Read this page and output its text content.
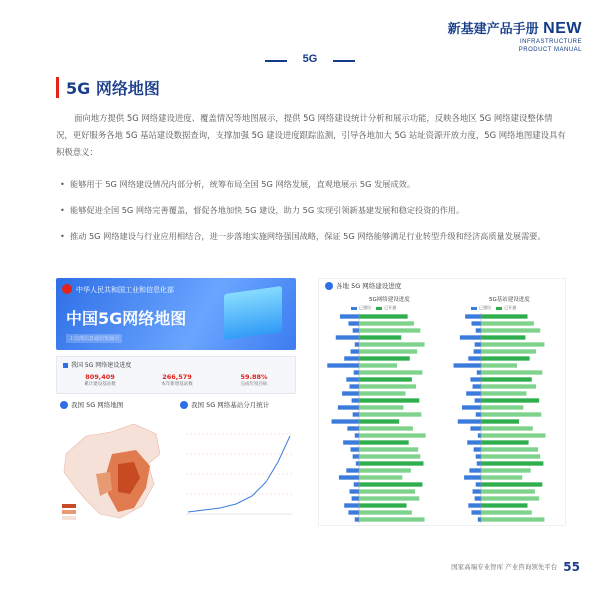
新基建产品手册 NEW
INFRASTRUCTURE
PRODUCT MANUAL
5G
5G 网络地图

面向地方提供 5G 网络建设进度、覆盖情况等地图展示，提供 5G 网络建设统计分析和展示功能，反映各地区 5G 网络建设整体情况，更好服务各地 5G 基站建设数据查询，支撑加强 5G 建设进度跟踪监测，引导各地加大 5G 站址资源开放力度，5G 网络地图建设具有积极意义：

• 能够用于 5G 网络建设情况内部分析，统筹布局全国 5G 网络发展，直观地展示 5G 发展成效。

• 能够促进全国 5G 网络完善覆盖，督促各地加快 5G 建设，助力 5G 实现引领新基建发展和稳定投资的作用。

• 推动 5G 网络建设与行业应用相结合，进一步落地实施网络强国战略，保证 5G 网络能够满足行业转型升级和经济高质量发展需要。

中华人民共和国工业和信息化部
中国5G网络地图
工信部信息通信发展司
我国 5G 网络建设进度
809,409
累计建设基站数
266,579
本年新增基站数
59.88%
完成年度目标
我国 5G 网络地图	我国 5G 网络基站分月统计
各地 5G 网络建设进度
5G网络建设进度	5G基站建设进度
已建设	已开通	已建设	已开通
国家高端专业智库 产业咨询领先平台 55
